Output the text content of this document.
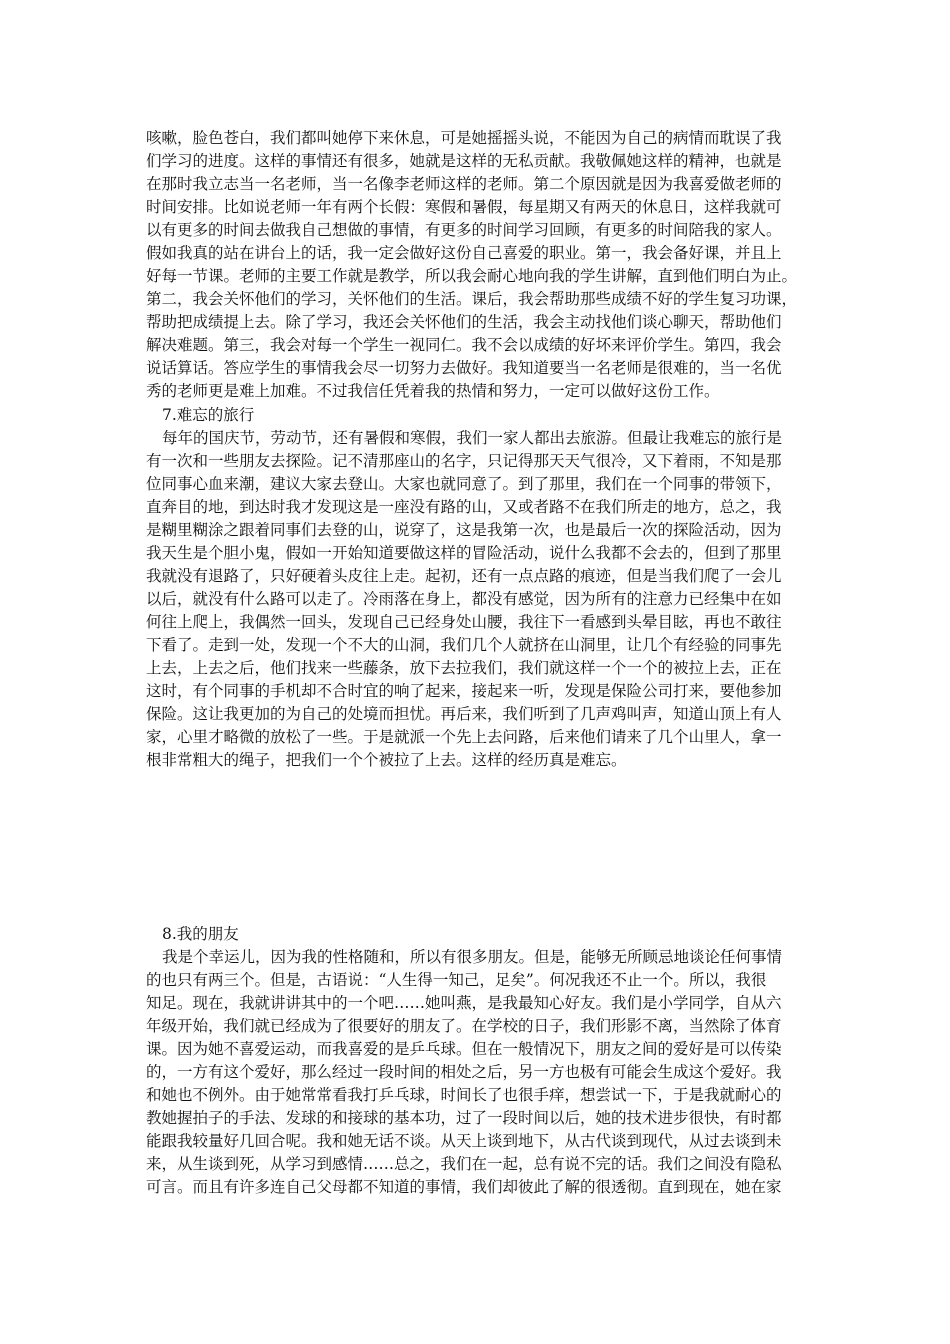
咳嗽，脸色苍白，我们都叫她停下来休息，可是她摇摇头说，不能因为自己的病情而耽误了我
们学习的进度。这样的事情还有很多，她就是这样的无私贡献。我敬佩她这样的精神，也就是
在那时我立志当一名老师，当一名像李老师这样的老师。第二个原因就是因为我喜爱做老师的
时间安排。比如说老师一年有两个长假：寒假和暑假，每星期又有两天的休息日，这样我就可
以有更多的时间去做我自己想做的事情，有更多的时间学习回顾，有更多的时间陪我的家人。
假如我真的站在讲台上的话，我一定会做好这份自己喜爱的职业。第一，我会备好课，并且上
好每一节课。老师的主要工作就是教学，所以我会耐心地向我的学生讲解，直到他们明白为止。
第二，我会关怀他们的学习，关怀他们的生活。课后，我会帮助那些成绩不好的学生复习功课，
帮助把成绩提上去。除了学习，我还会关怀他们的生活，我会主动找他们谈心聊天，帮助他们
解决难题。第三，我会对每一个学生一视同仁。我不会以成绩的好坏来评价学生。第四，我会
说话算话。答应学生的事情我会尽一切努力去做好。我知道要当一名老师是很难的，当一名优
秀的老师更是难上加难。不过我信任凭着我的热情和努力，一定可以做好这份工作。
7.难忘的旅行
每年的国庆节，劳动节，还有暑假和寒假，我们一家人都出去旅游。但最让我难忘的旅行是
有一次和一些朋友去探险。记不清那座山的名字，只记得那天天气很冷，又下着雨，不知是那
位同事心血来潮，建议大家去登山。大家也就同意了。到了那里，我们在一个同事的带领下，
直奔目的地，到达时我才发现这是一座没有路的山，又或者路不在我们所走的地方，总之，我
是糊里糊涂之跟着同事们去登的山，说穿了，这是我第一次，也是最后一次的探险活动，因为
我天生是个胆小鬼，假如一开始知道要做这样的冒险活动，说什么我都不会去的，但到了那里
我就没有退路了，只好硬着头皮往上走。起初，还有一点点路的痕迹，但是当我们爬了一会儿
以后，就没有什么路可以走了。冷雨落在身上，都没有感觉，因为所有的注意力已经集中在如
何往上爬上，我偶然一回头，发现自己已经身处山腰，我往下一看感到头晕目眩，再也不敢往
下看了。走到一处，发现一个不大的山洞，我们几个人就挤在山洞里，让几个有经验的同事先
上去，上去之后，他们找来一些藤条，放下去拉我们，我们就这样一个一个的被拉上去，正在
这时，有个同事的手机却不合时宜的响了起来，接起来一听，发现是保险公司打来，要他参加
保险。这让我更加的为自己的处境而担忧。再后来，我们听到了几声鸡叫声，知道山顶上有人
家，心里才略微的放松了一些。于是就派一个先上去问路，后来他们请来了几个山里人，拿一
根非常粗大的绳子，把我们一个个被拉了上去。这样的经历真是难忘。
8.我的朋友
我是个幸运儿，因为我的性格随和，所以有很多朋友。但是，能够无所顾忌地谈论任何事情
的也只有两三个。但是，古语说：“人生得一知己，足矣”。何况我还不止一个。所以，我很
知足。现在，我就讲讲其中的一个吧……她叫燕，是我最知心好友。我们是小学同学，自从六
年级开始，我们就已经成为了很要好的朋友了。在学校的日子，我们形影不离，当然除了体育
课。因为她不喜爱运动，而我喜爱的是乒乓球。但在一般情况下，朋友之间的爱好是可以传染
的，一方有这个爱好，那么经过一段时间的相处之后，另一方也极有可能会生成这个爱好。我
和她也不例外。由于她常常看我打乒乓球，时间长了也很手痒，想尝试一下，于是我就耐心的
教她握拍子的手法、发球的和接球的基本功，过了一段时间以后，她的技术进步很快，有时都
能跟我较量好几回合呢。我和她无话不谈。从天上谈到地下，从古代谈到现代，从过去谈到未
来，从生谈到死，从学习到感情……总之，我们在一起，总有说不完的话。我们之间没有隐私
可言。而且有许多连自己父母都不知道的事情，我们却彼此了解的很透彻。直到现在，她在家
